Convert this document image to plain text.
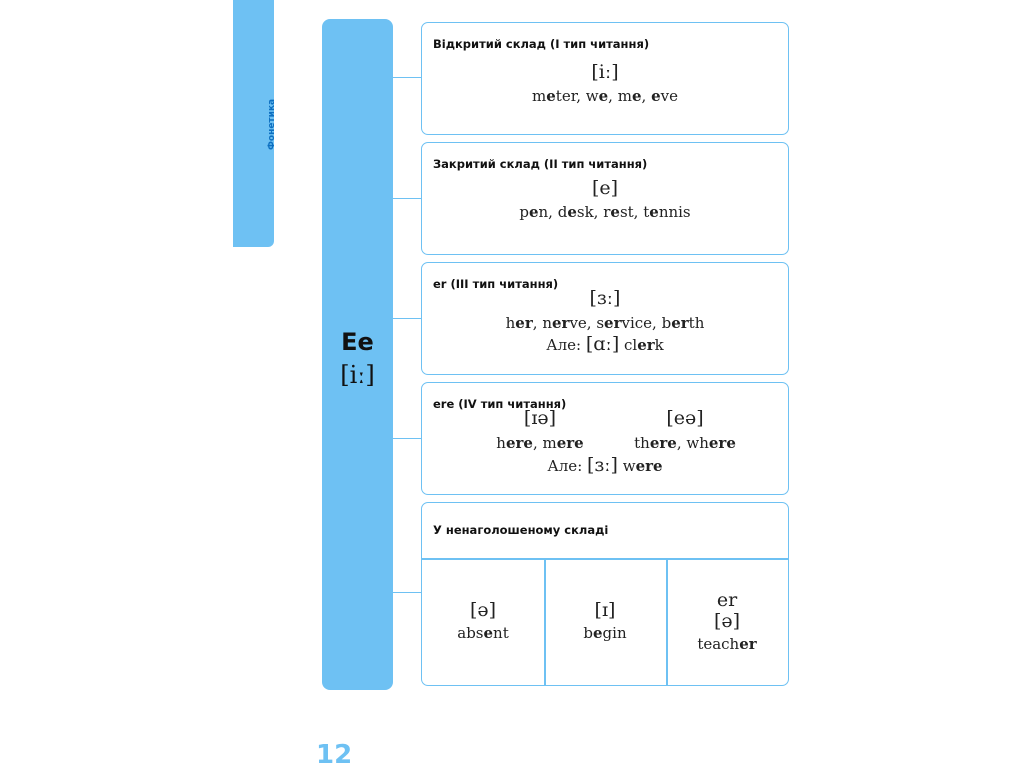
Фонетика
Ee
[iː]
Відкритий склад (I тип читання)
[iː]
meter, we, me, eve
Закритий склад (II тип читання)
[e]
pen, desk, rest, tennis
er (III тип читання)
[ɜː]
her, nerve, service, berth
Але: [ɑː] clerk
ere (IV тип читання)
[ɪə]	[eə]
here, mere	there, where
Але: [ɜː] were
У ненаголошеному складі
[ə]
absent
[ɪ]
begin
er
[ə]
teacher
12
